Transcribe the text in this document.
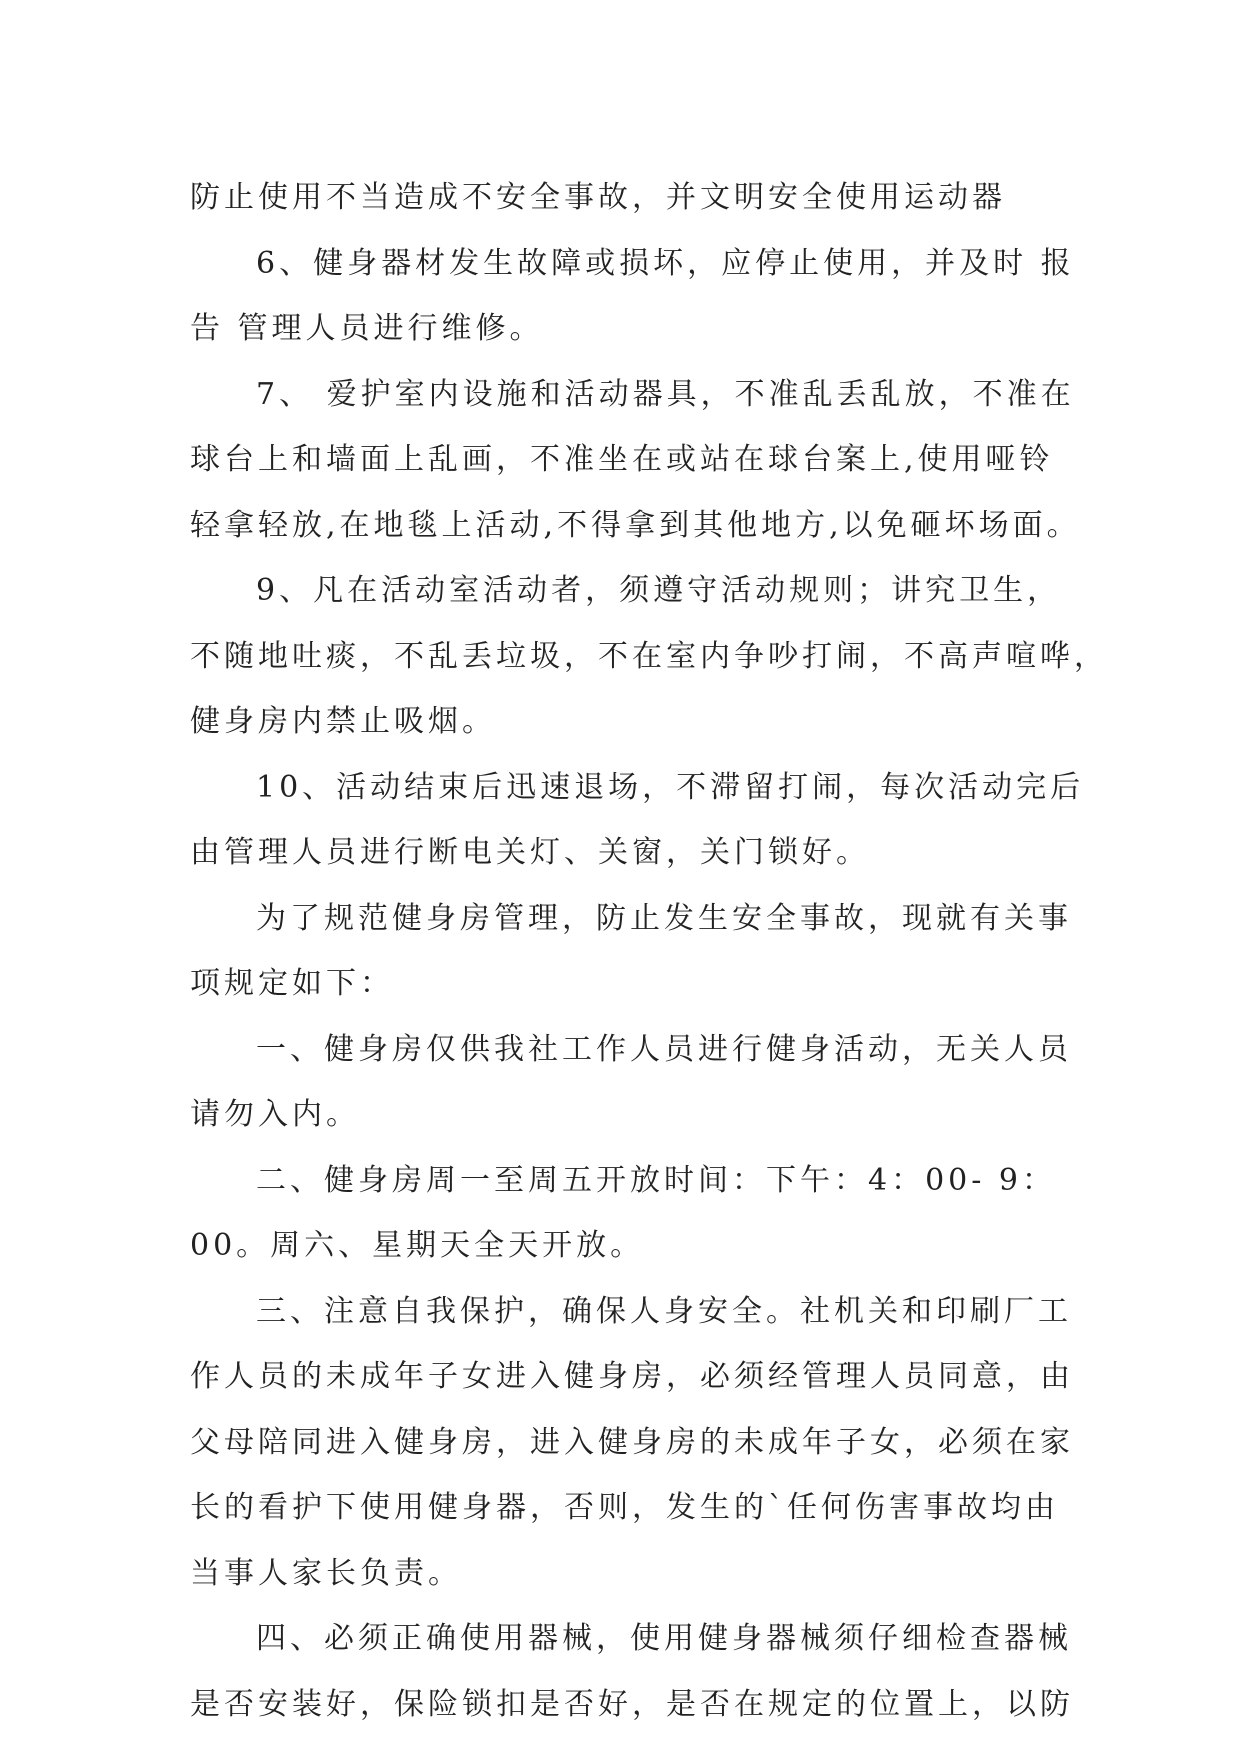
防止使用不当造成不安全事故，并文明安全使用运动器
6、健身器材发生故障或损坏，应停止使用，并及时 报
告 管理人员进行维修。
7、 爱护室内设施和活动器具，不准乱丢乱放，不准在
球台上和墙面上乱画，不准坐在或站在球台案上,使用哑铃
轻拿轻放,在地毯上活动,不得拿到其他地方,以免砸坏场面。
9、凡在活动室活动者，须遵守活动规则；讲究卫生，
不随地吐痰，不乱丢垃圾，不在室内争吵打闹，不高声喧哗，
健身房内禁止吸烟。
10、活动结束后迅速退场，不滞留打闹，每次活动完后
由管理人员进行断电关灯、关窗，关门锁好。
为了规范健身房管理，防止发生安全事故，现就有关事
项规定如下：
一、健身房仅供我社工作人员进行健身活动，无关人员
请勿入内。
二、健身房周一至周五开放时间：下午：4：00- 9：
00。周六、星期天全天开放。
三、注意自我保护，确保人身安全。社机关和印刷厂工
作人员的未成年子女进入健身房，必须经管理人员同意，由
父母陪同进入健身房，进入健身房的未成年子女，必须在家
长的看护下使用健身器，否则，发生的`任何伤害事故均由
当事人家长负责。
四、必须正确使用器械，使用健身器械须仔细检查器械
是否安装好，保险锁扣是否好，是否在规定的位置上，以防
